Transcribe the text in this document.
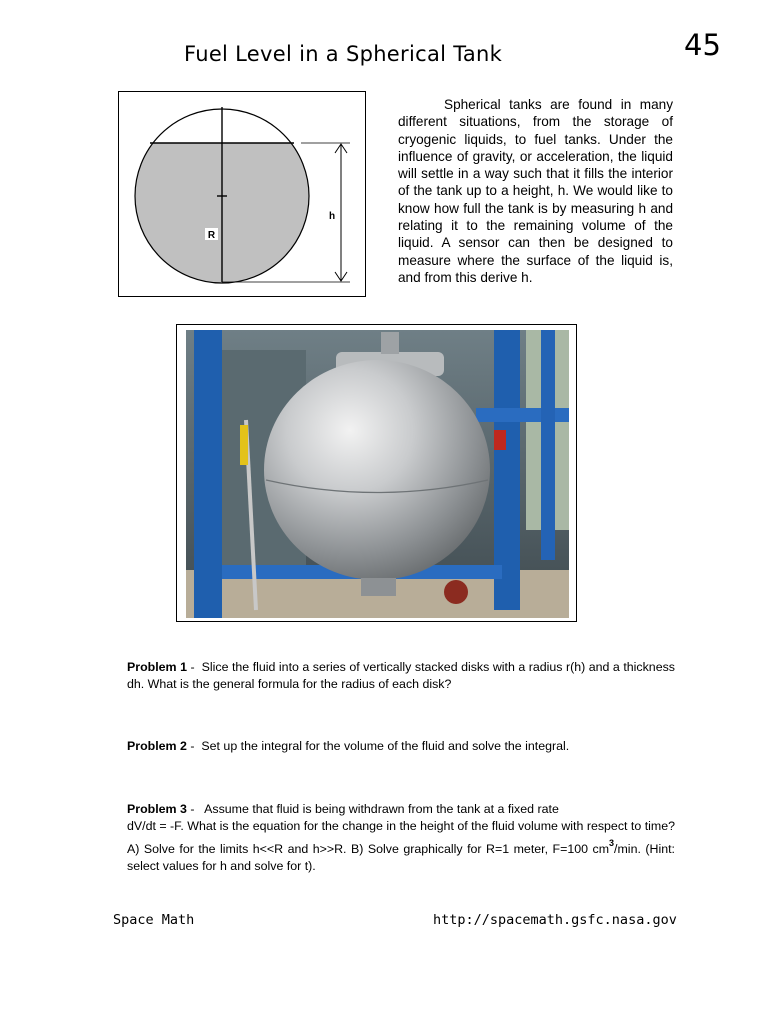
45
Fuel Level in a Spherical Tank
h
R

Spherical tanks are found in many different situations, from the storage of cryogenic liquids, to fuel tanks. Under the influence of gravity, or acceleration, the liquid will settle in a way such that it fills the interior of the tank up to a height, h. We would like to know how full the tank is by measuring h and relating it to the remaining volume of the liquid. A sensor can then be designed to measure where the surface of the liquid is, and from this derive h.

Problem 1 -  Slice the fluid into a series of vertically stacked disks with a radius r(h) and a thickness dh. What is the general formula for the radius of each disk?

Problem 2 -  Set up the integral for the volume of the fluid and solve the integral.

Problem 3 -   Assume that fluid is being withdrawn from the tank at a fixed rate

dV/dt = -F. What is the equation for the change in the height of the fluid volume with respect to time? A) Solve for the limits h<<R and h>>R. B) Solve graphically for R=1 meter, F=100 $cm^3/\min$. (Hint: select values for h and solve for t).

Space Math	http://spacemath.gsfc.nasa.gov
